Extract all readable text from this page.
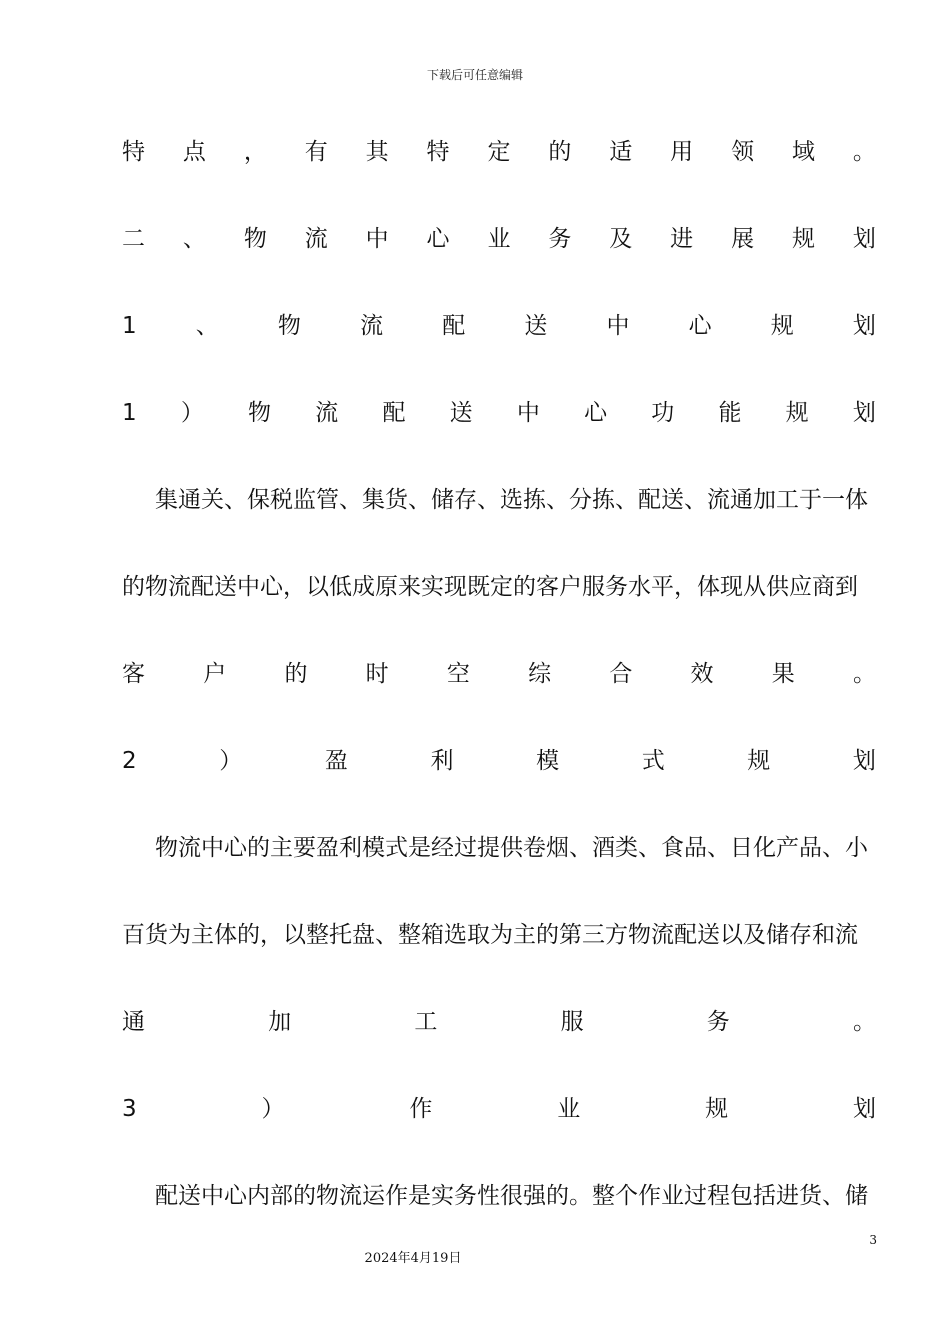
下载后可任意编辑
特 点 ， 有 其 特 定 的 适 用 领 域 。
二 、 物 流 中 心 业 务 及 进 展 规 划
1	、	物	流	配	送	中	心	规	划
1 ） 物 流 配 送 中 心 功 能 规 划
集通关、保税监管、集货、储存、选拣、分拣、配送、流通加工于一体
的物流配送中心，以低成原来实现既定的客户服务水平，体现从供应商到
客	户	的	时	空	综	合	效	果	。
2	）	盈	利	模	式	规	划
物流中心的主要盈利模式是经过提供卷烟、酒类、食品、日化产品、小
百货为主体的，以整托盘、整箱选取为主的第三方物流配送以及储存和流
通	加	工	服	务	。
3	）	作	业	规	划
配送中心内部的物流运作是实务性很强的。整个作业过程包括进货、储
3
2024年4月19日
